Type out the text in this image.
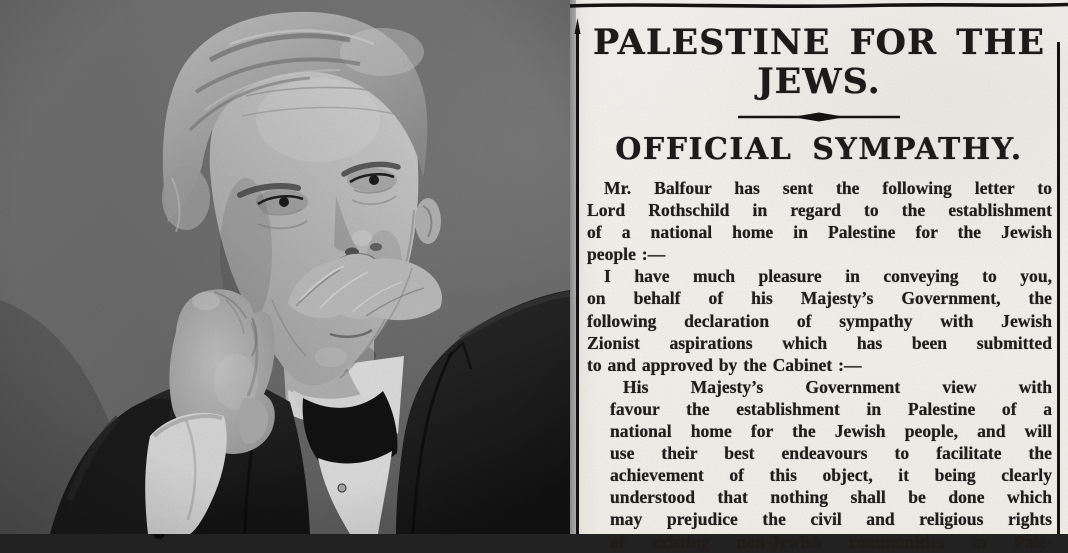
PALESTINE FOR THE
JEWS.
OFFICIAL SYMPATHY.
Mr. Balfour has sent the following letter to
Lord Rothschild in regard to the establishment
of a national home in Palestine for the Jewish
people :—
I have much pleasure in conveying to you,
on behalf of his Majesty’s Government, the
following declaration of sympathy with Jewish
Zionist aspirations which has been submitted
to and approved by the Cabinet :—
His Majesty’s Government view with
favour the establishment in Palestine of a
national home for the Jewish people, and will
use their best endeavours to facilitate the
achievement of this object, it being clearly
understood that nothing shall be done which
may prejudice the civil and religious rights
of existing non-Jewish communities in Pale-
